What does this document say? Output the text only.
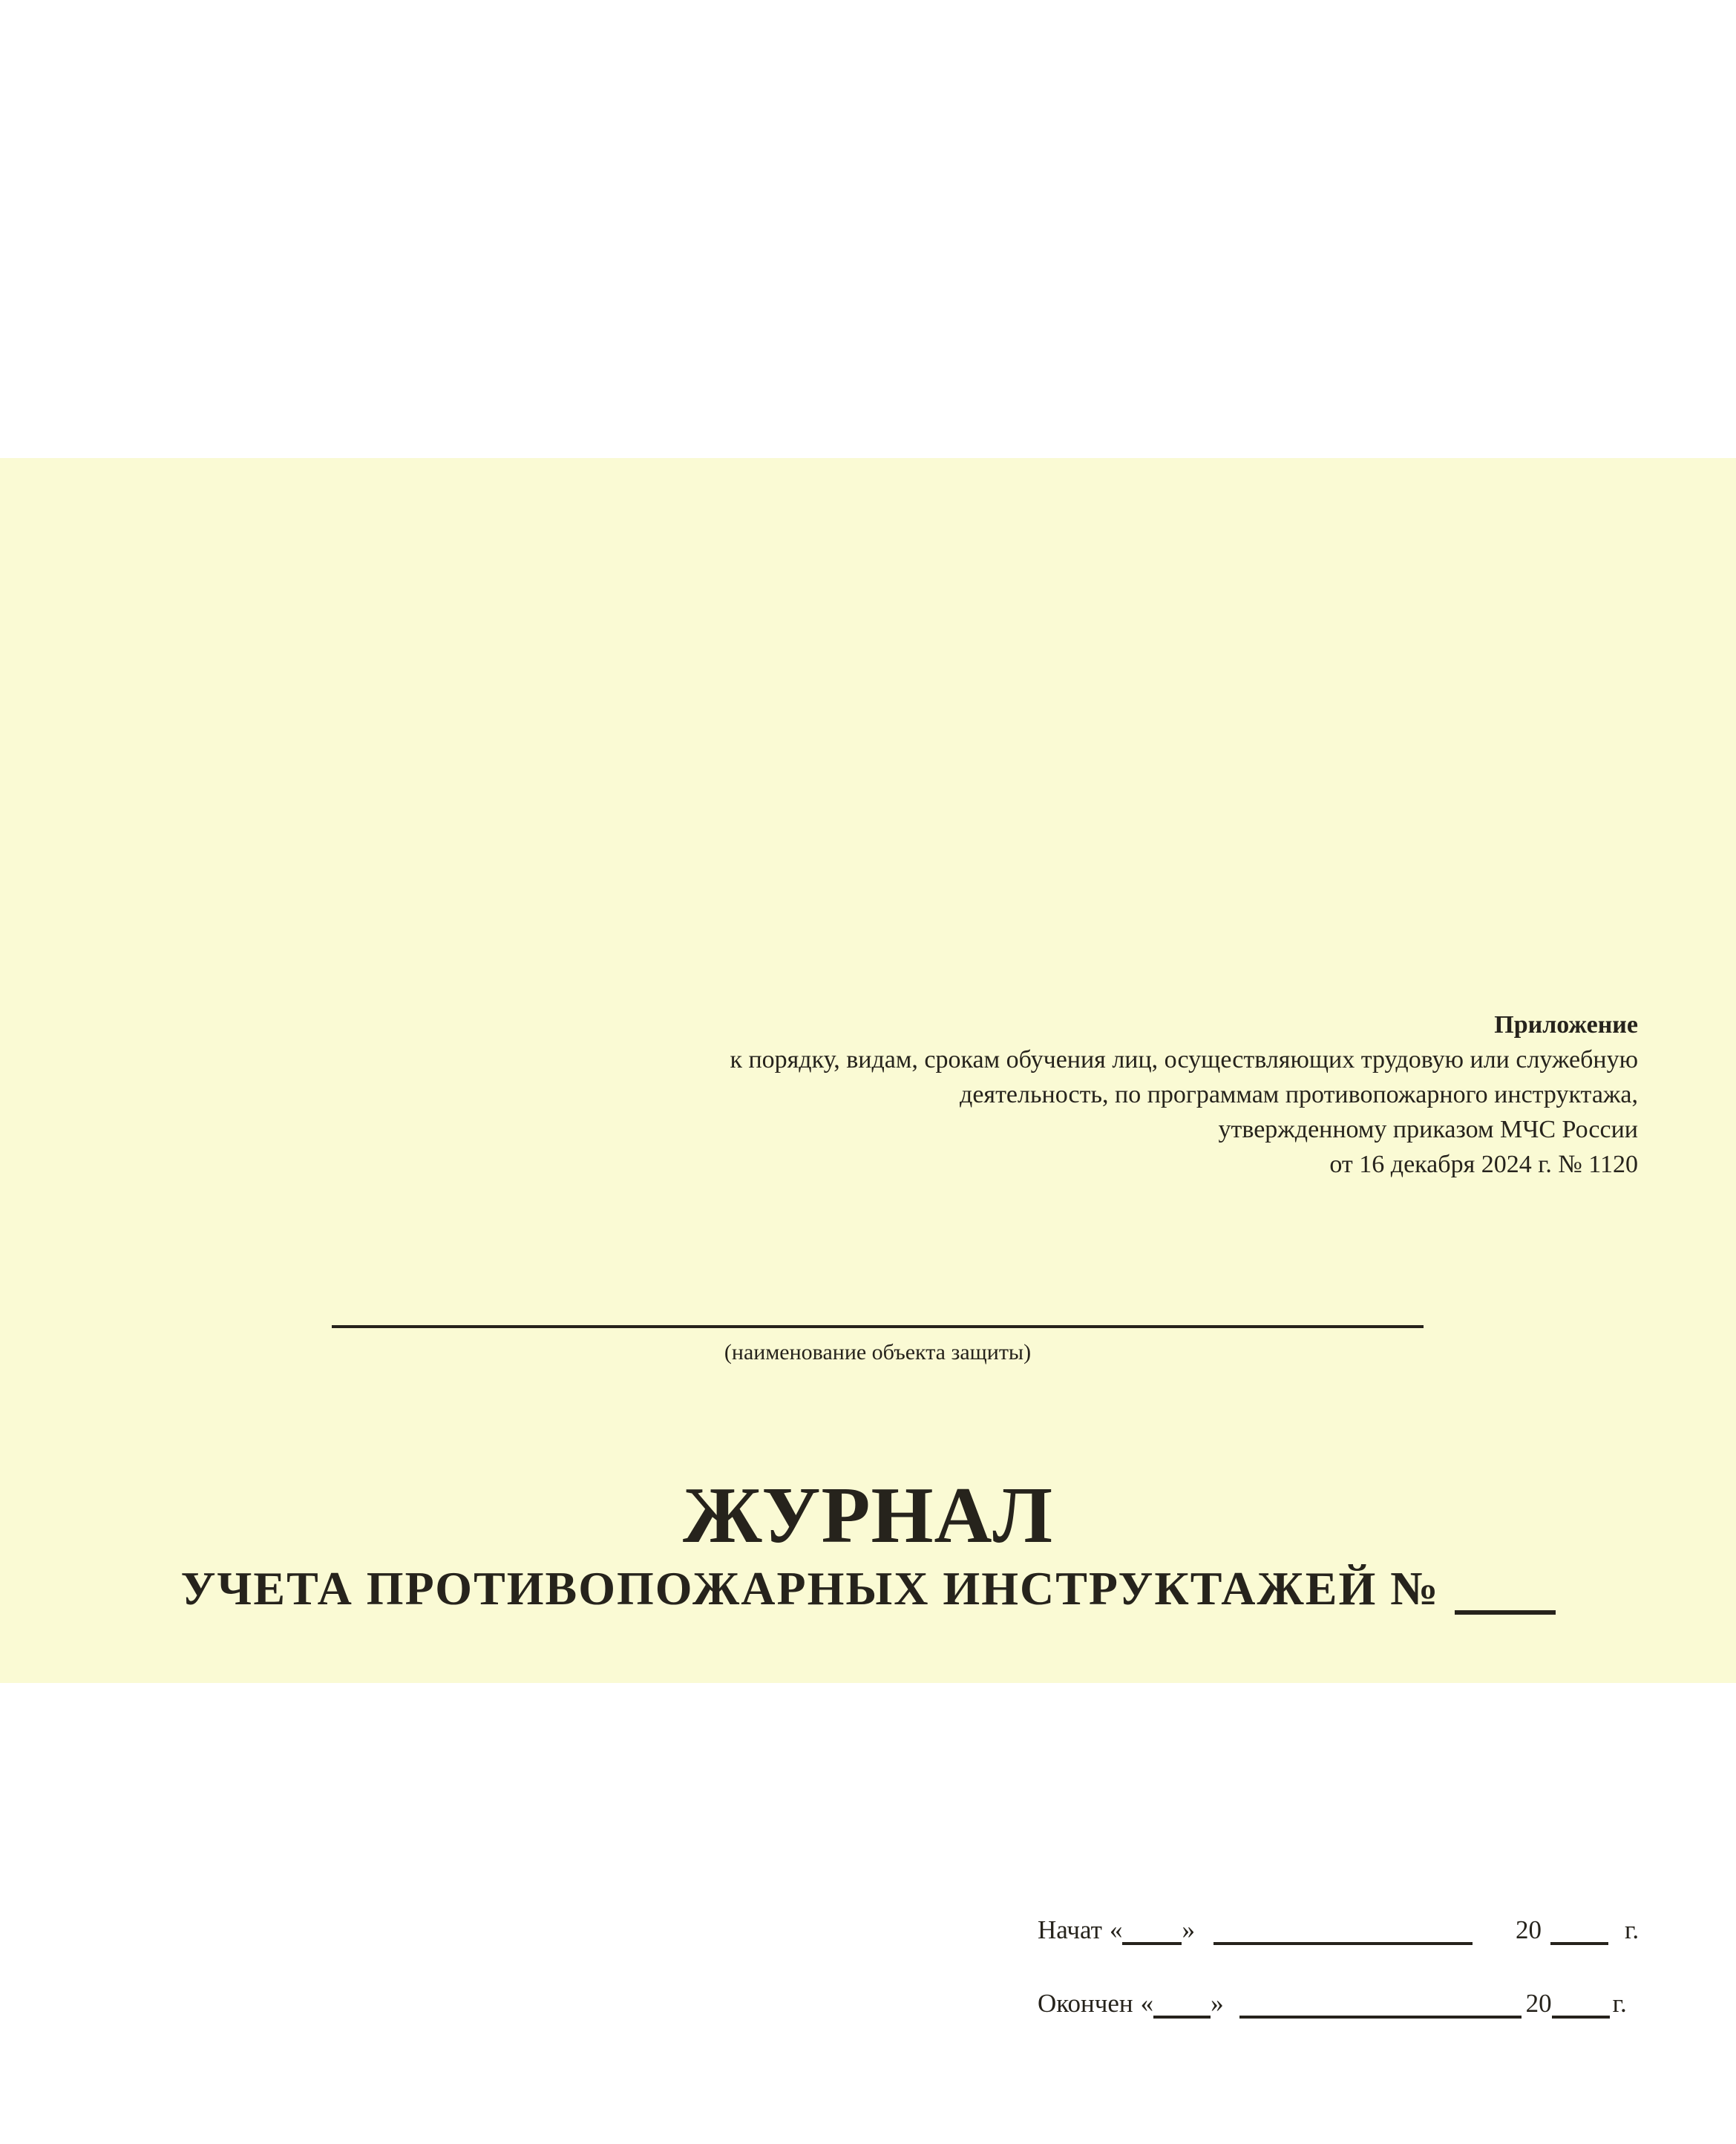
Приложение
к порядку, видам, срокам обучения лиц, осуществляющих трудовую или служебную
деятельность, по программам противопожарного инструктажа,
утвержденному приказом МЧС России
от 16 декабря 2024 г. № 1120
(наименование объекта защиты)
ЖУРНАЛ
УЧЕТА ПРОТИВОПОЖАРНЫХ ИНСТРУКТАЖЕЙ №
Начат « »	20	г.
Окончен « »	20 г.
